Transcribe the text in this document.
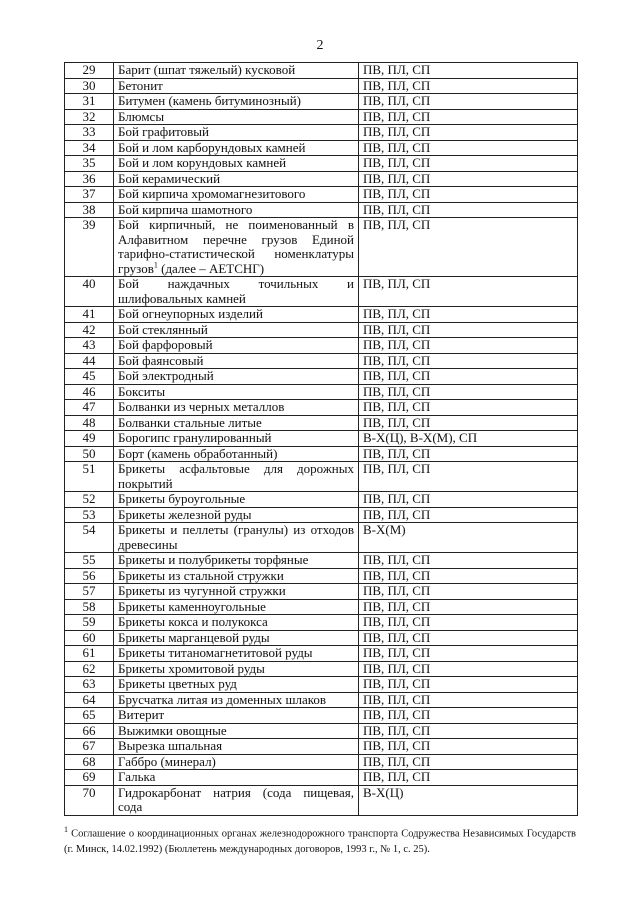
2
29	Барит (шпат тяжелый) кусковой	ПВ, ПЛ, СП
30	Бетонит	ПВ, ПЛ, СП
31	Битумен (камень битуминозный)	ПВ, ПЛ, СП
32	Блюмсы	ПВ, ПЛ, СП
33	Бой графитовый	ПВ, ПЛ, СП
34	Бой и лом карборундовых камней	ПВ, ПЛ, СП
35	Бой и лом корундовых камней	ПВ, ПЛ, СП
36	Бой керамический	ПВ, ПЛ, СП
37	Бой кирпича хромомагнезитового	ПВ, ПЛ, СП
38	Бой кирпича шамотного	ПВ, ПЛ, СП
39	Бой кирпичный, не поименованный в Алфавитном перечне грузов Единой тарифно-статистической номенклатуры грузов$^1$ (далее – АЕТСНГ)	ПВ, ПЛ, СП
40	Бой наждачных точильных и шлифовальных камней	ПВ, ПЛ, СП
41	Бой огнеупорных изделий	ПВ, ПЛ, СП
42	Бой стеклянный	ПВ, ПЛ, СП
43	Бой фарфоровый	ПВ, ПЛ, СП
44	Бой фаянсовый	ПВ, ПЛ, СП
45	Бой электродный	ПВ, ПЛ, СП
46	Бокситы	ПВ, ПЛ, СП
47	Болванки из черных металлов	ПВ, ПЛ, СП
48	Болванки стальные литые	ПВ, ПЛ, СП
49	Борогипс гранулированный	В-Х(Ц), В-Х(М), СП
50	Борт (камень обработанный)	ПВ, ПЛ, СП
51	Брикеты асфальтовые для дорожных покрытий	ПВ, ПЛ, СП
52	Брикеты буроугольные	ПВ, ПЛ, СП
53	Брикеты железной руды	ПВ, ПЛ, СП
54	Брикеты и пеллеты (гранулы) из отходов древесины	В-Х(М)
55	Брикеты и полубрикеты торфяные	ПВ, ПЛ, СП
56	Брикеты из стальной стружки	ПВ, ПЛ, СП
57	Брикеты из чугунной стружки	ПВ, ПЛ, СП
58	Брикеты каменноугольные	ПВ, ПЛ, СП
59	Брикеты кокса и полукокса	ПВ, ПЛ, СП
60	Брикеты марганцевой руды	ПВ, ПЛ, СП
61	Брикеты титаномагнетитовой руды	ПВ, ПЛ, СП
62	Брикеты хромитовой руды	ПВ, ПЛ, СП
63	Брикеты цветных руд	ПВ, ПЛ, СП
64	Брусчатка литая из доменных шлаков	ПВ, ПЛ, СП
65	Витерит	ПВ, ПЛ, СП
66	Выжимки овощные	ПВ, ПЛ, СП
67	Вырезка шпальная	ПВ, ПЛ, СП
68	Габбро (минерал)	ПВ, ПЛ, СП
69	Галька	ПВ, ПЛ, СП
70	Гидрокарбонат натрия (сода пищевая, сода	В-Х(Ц)
$^1$ Соглашение о координационных органах железнодорожного транспорта Содружества Независимых Государств (г. Минск, 14.02.1992) (Бюллетень международных договоров, 1993 г., № 1, с. 25).
